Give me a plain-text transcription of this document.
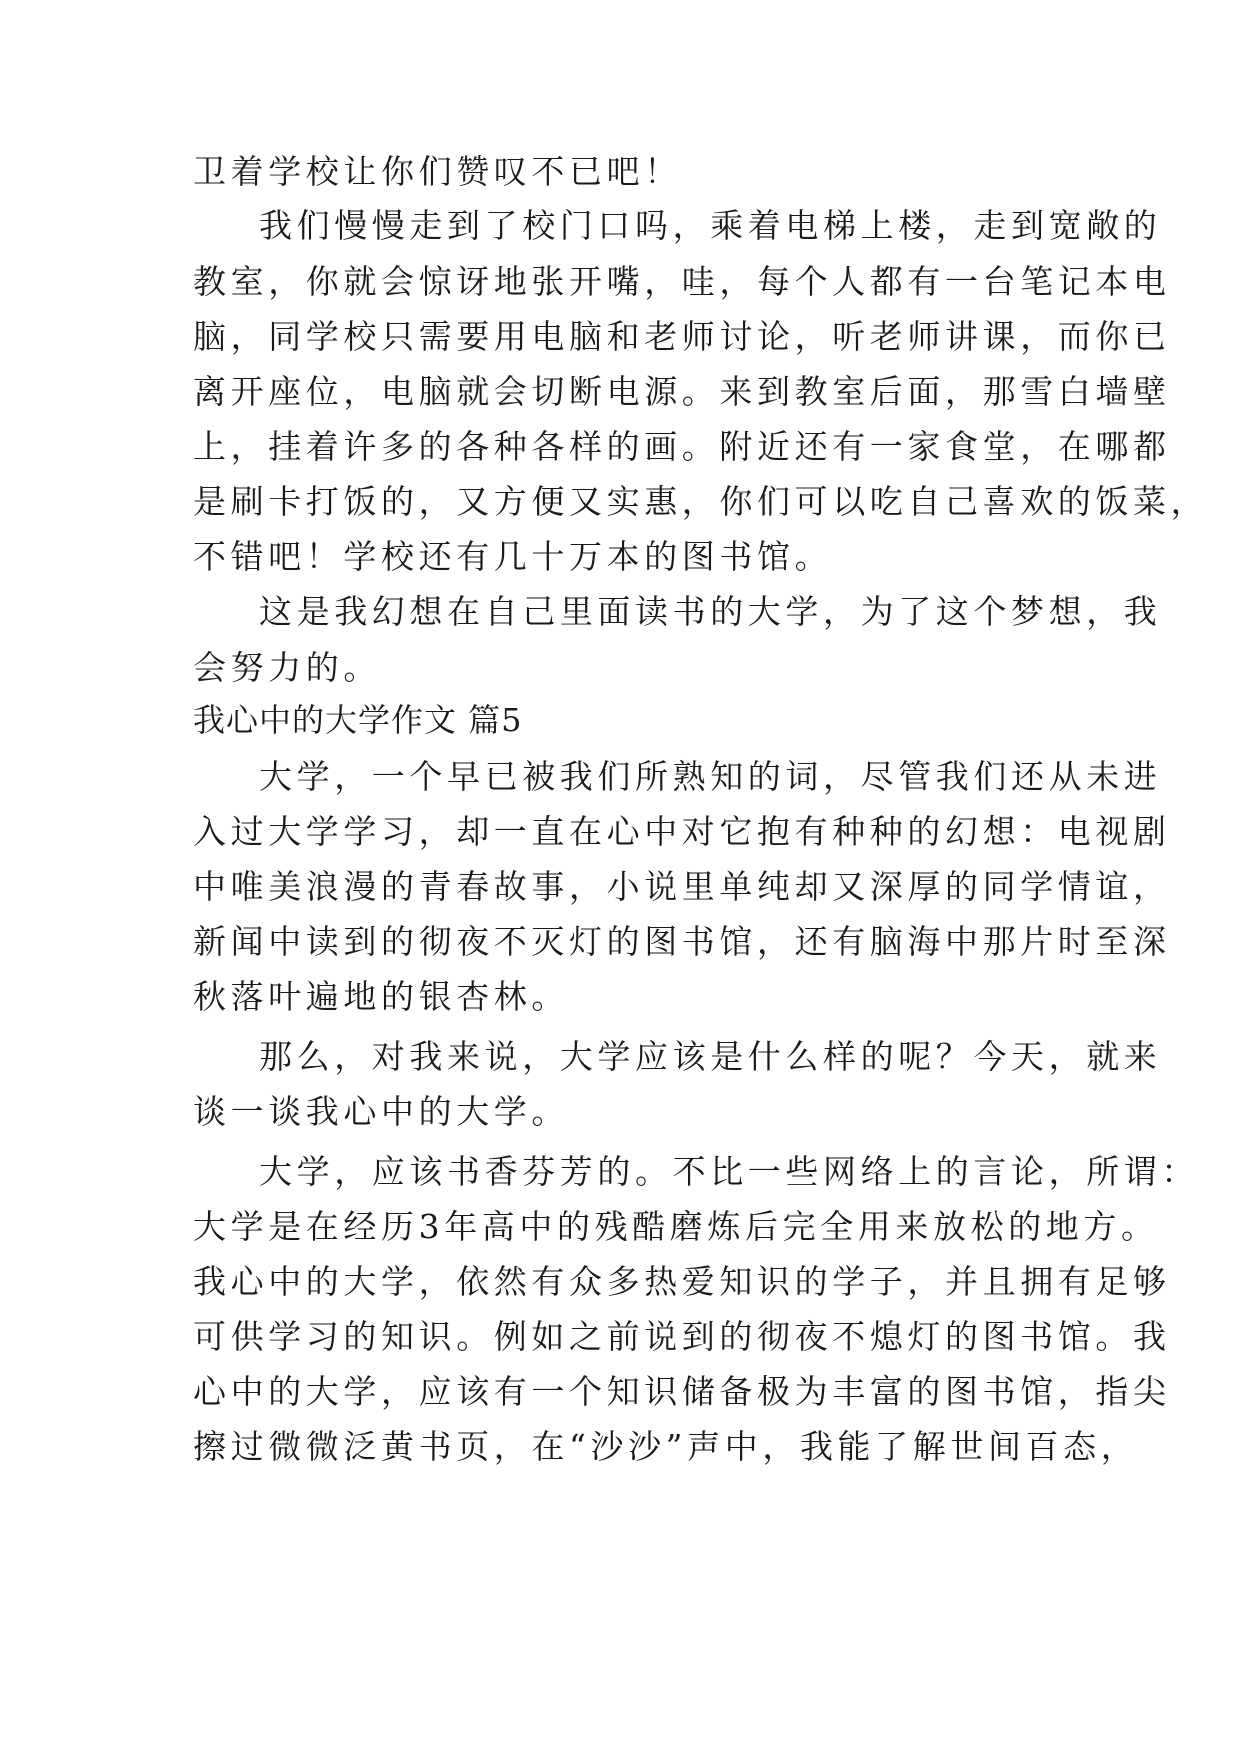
卫着学校让你们赞叹不已吧！
我们慢慢走到了校门口吗，乘着电梯上楼，走到宽敞的
教室，你就会惊讶地张开嘴，哇，每个人都有一台笔记本电
脑，同学校只需要用电脑和老师讨论，听老师讲课，而你已
离开座位，电脑就会切断电源。来到教室后面，那雪白墙壁
上，挂着许多的各种各样的画。附近还有一家食堂，在哪都
是刷卡打饭的，又方便又实惠，你们可以吃自己喜欢的饭菜，
不错吧！学校还有几十万本的图书馆。
这是我幻想在自己里面读书的大学，为了这个梦想，我
会努力的。
我心中的大学作文 篇5
大学，一个早已被我们所熟知的词，尽管我们还从未进
入过大学学习，却一直在心中对它抱有种种的幻想：电视剧
中唯美浪漫的青春故事，小说里单纯却又深厚的同学情谊，
新闻中读到的彻夜不灭灯的图书馆，还有脑海中那片时至深
秋落叶遍地的银杏林。
那么，对我来说，大学应该是什么样的呢？今天，就来
谈一谈我心中的大学。
大学，应该书香芬芳的。不比一些网络上的言论，所谓：
大学是在经历3年高中的残酷磨炼后完全用来放松的地方。
我心中的大学，依然有众多热爱知识的学子，并且拥有足够
可供学习的知识。例如之前说到的彻夜不熄灯的图书馆。我
心中的大学，应该有一个知识储备极为丰富的图书馆，指尖
擦过微微泛黄书页，在“沙沙”声中，我能了解世间百态，
